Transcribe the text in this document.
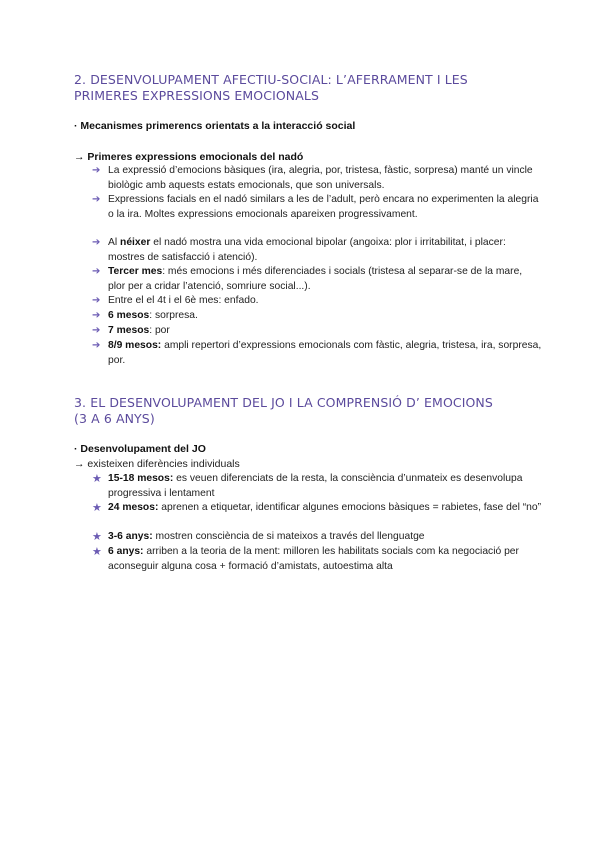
2. DESENVOLUPAMENT AFECTIU-SOCIAL: L’AFERRAMENT I LES
PRIMERES EXPRESSIONS EMOCIONALS
· Mecanismes primerencs orientats a la interacció social
→ Primeres expressions emocionals del nadó
➔ La expressió d’emocions bàsiques (ira, alegria, por, tristesa, fàstic, sorpresa) manté un vincle biològic amb aquests estats emocionals, que son universals.
➔ Expressions facials en el nadó similars a les de l’adult, però encara no experimenten la alegria o la ira. Moltes expressions emocionals apareixen progressivament.
➔ Al néixer el nadó mostra una vida emocional bipolar (angoixa: plor i irritabilitat, i placer: mostres de satisfacció i atenció).
➔ Tercer mes: més emocions i més diferenciades i socials (tristesa al separar-se de la mare, plor per a cridar l’atenció, somriure social...).
➔ Entre el el 4t i el 6è mes: enfado.
➔ 6 mesos: sorpresa.
➔ 7 mesos: por
➔ 8/9 mesos: ampli repertori d’expressions emocionals com fàstic, alegria, tristesa, ira, sorpresa, por.
3. EL DESENVOLUPAMENT DEL JO I LA COMPRENSIÓ D’ EMOCIONS
(3 A 6 ANYS)
· Desenvolupament del JO
→ existeixen diferències individuals
★ 15-18 mesos: es veuen diferenciats de la resta, la consciència d’unmateix es desenvolupa progressiva i lentament
★ 24 mesos: aprenen a etiquetar, identificar algunes emocions bàsiques = rabietes, fase del “no”
★ 3-6 anys: mostren consciència de si mateixos a través del llenguatge
★ 6 anys: arriben a la teoria de la ment: milloren les habilitats socials com ka negociació per aconseguir alguna cosa + formació d’amistats, autoestima alta
